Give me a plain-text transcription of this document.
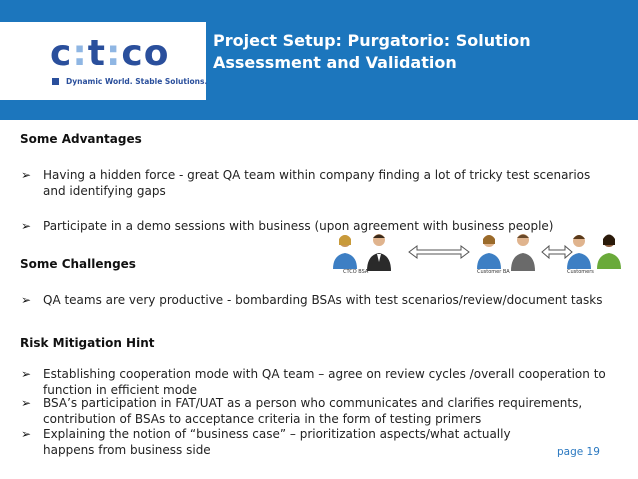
c:t:co
Dynamic World. Stable Solutions.
Project Setup: Purgatorio: Solution Assessment and Validation
Some Advantages
➢ Having a hidden force - great QA team within company finding a lot of tricky test scenarios and identifying gaps
➢ Participate in a demo sessions with business (upon agreement with business people)
Some Challenges
➢ QA teams are very productive - bombarding BSAs with test scenarios/review/document tasks
Risk Mitigation Hint
➢ Establishing cooperation mode with QA team – agree on review cycles /overall cooperation to function in efficient mode
➢ BSA’s participation in FAT/UAT as a person who communicates and clarifies requirements, contribution of BSAs to acceptance criteria in the form of testing primers
➢ Explaining the notion of “business case” – prioritization aspects/what actually happens from business side
CTCO BSA	Customer BA	Customers
page 19
